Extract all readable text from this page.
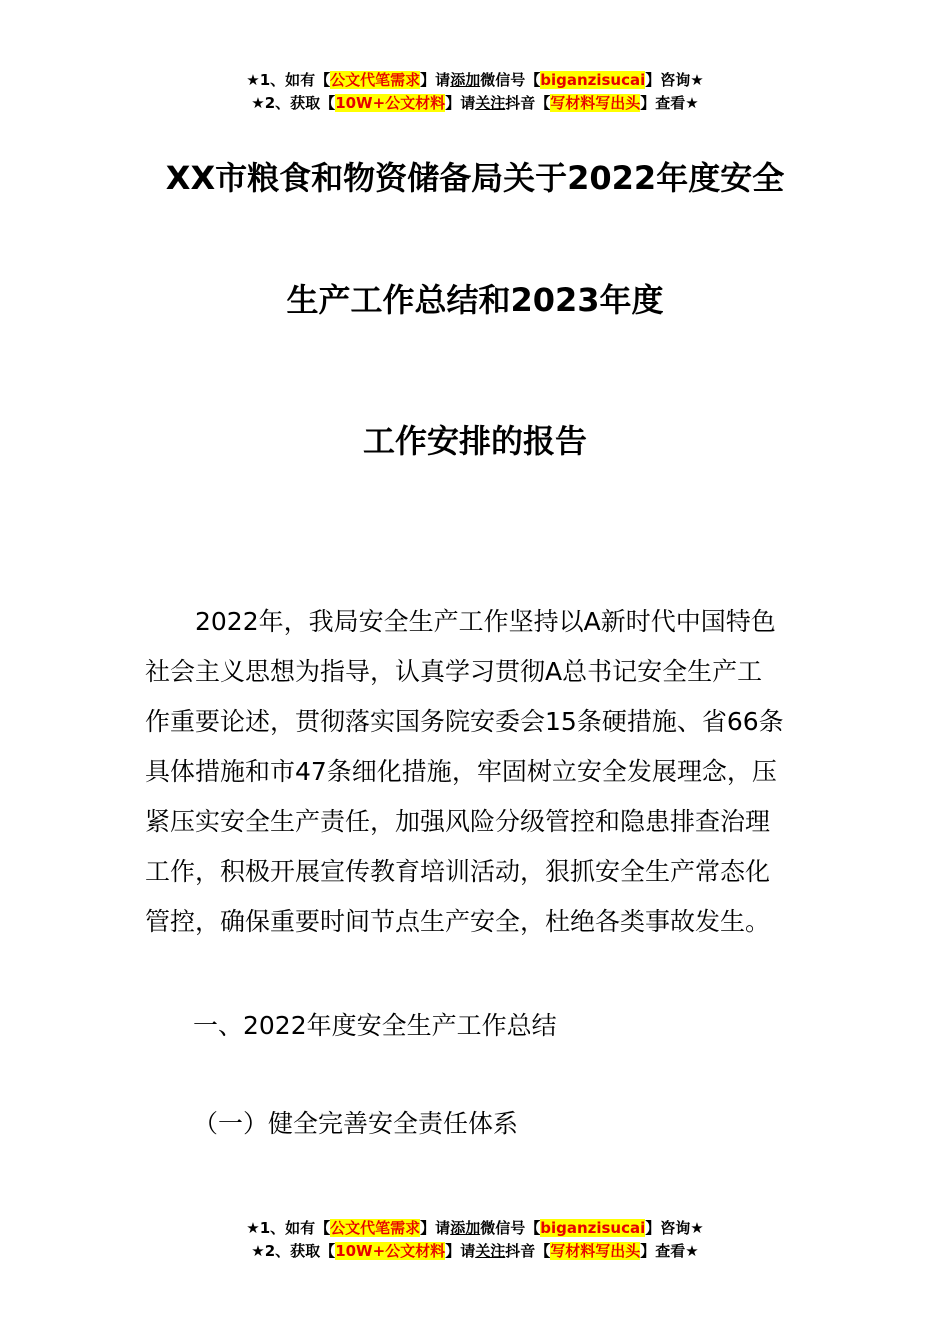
★1、如有【公文代笔需求】请添加微信号【biganzisucai】咨询★
★2、获取【10W+公文材料】请关注抖音【写材料写出头】查看★
XX市粮食和物资储备局关于2022年度安全
生产工作总结和2023年度
工作安排的报告
　　2022年，我局安全生产工作坚持以A新时代中国特色
社会主义思想为指导，认真学习贯彻A总书记安全生产工
作重要论述，贯彻落实国务院安委会15条硬措施、省66条
具体措施和市47条细化措施，牢固树立安全发展理念，压
紧压实安全生产责任，加强风险分级管控和隐患排查治理
工作，积极开展宣传教育培训活动，狠抓安全生产常态化
管控，确保重要时间节点生产安全，杜绝各类事故发生。
一、2022年度安全生产工作总结
（一）健全完善安全责任体系
★1、如有【公文代笔需求】请添加微信号【biganzisucai】咨询★
★2、获取【10W+公文材料】请关注抖音【写材料写出头】查看★
